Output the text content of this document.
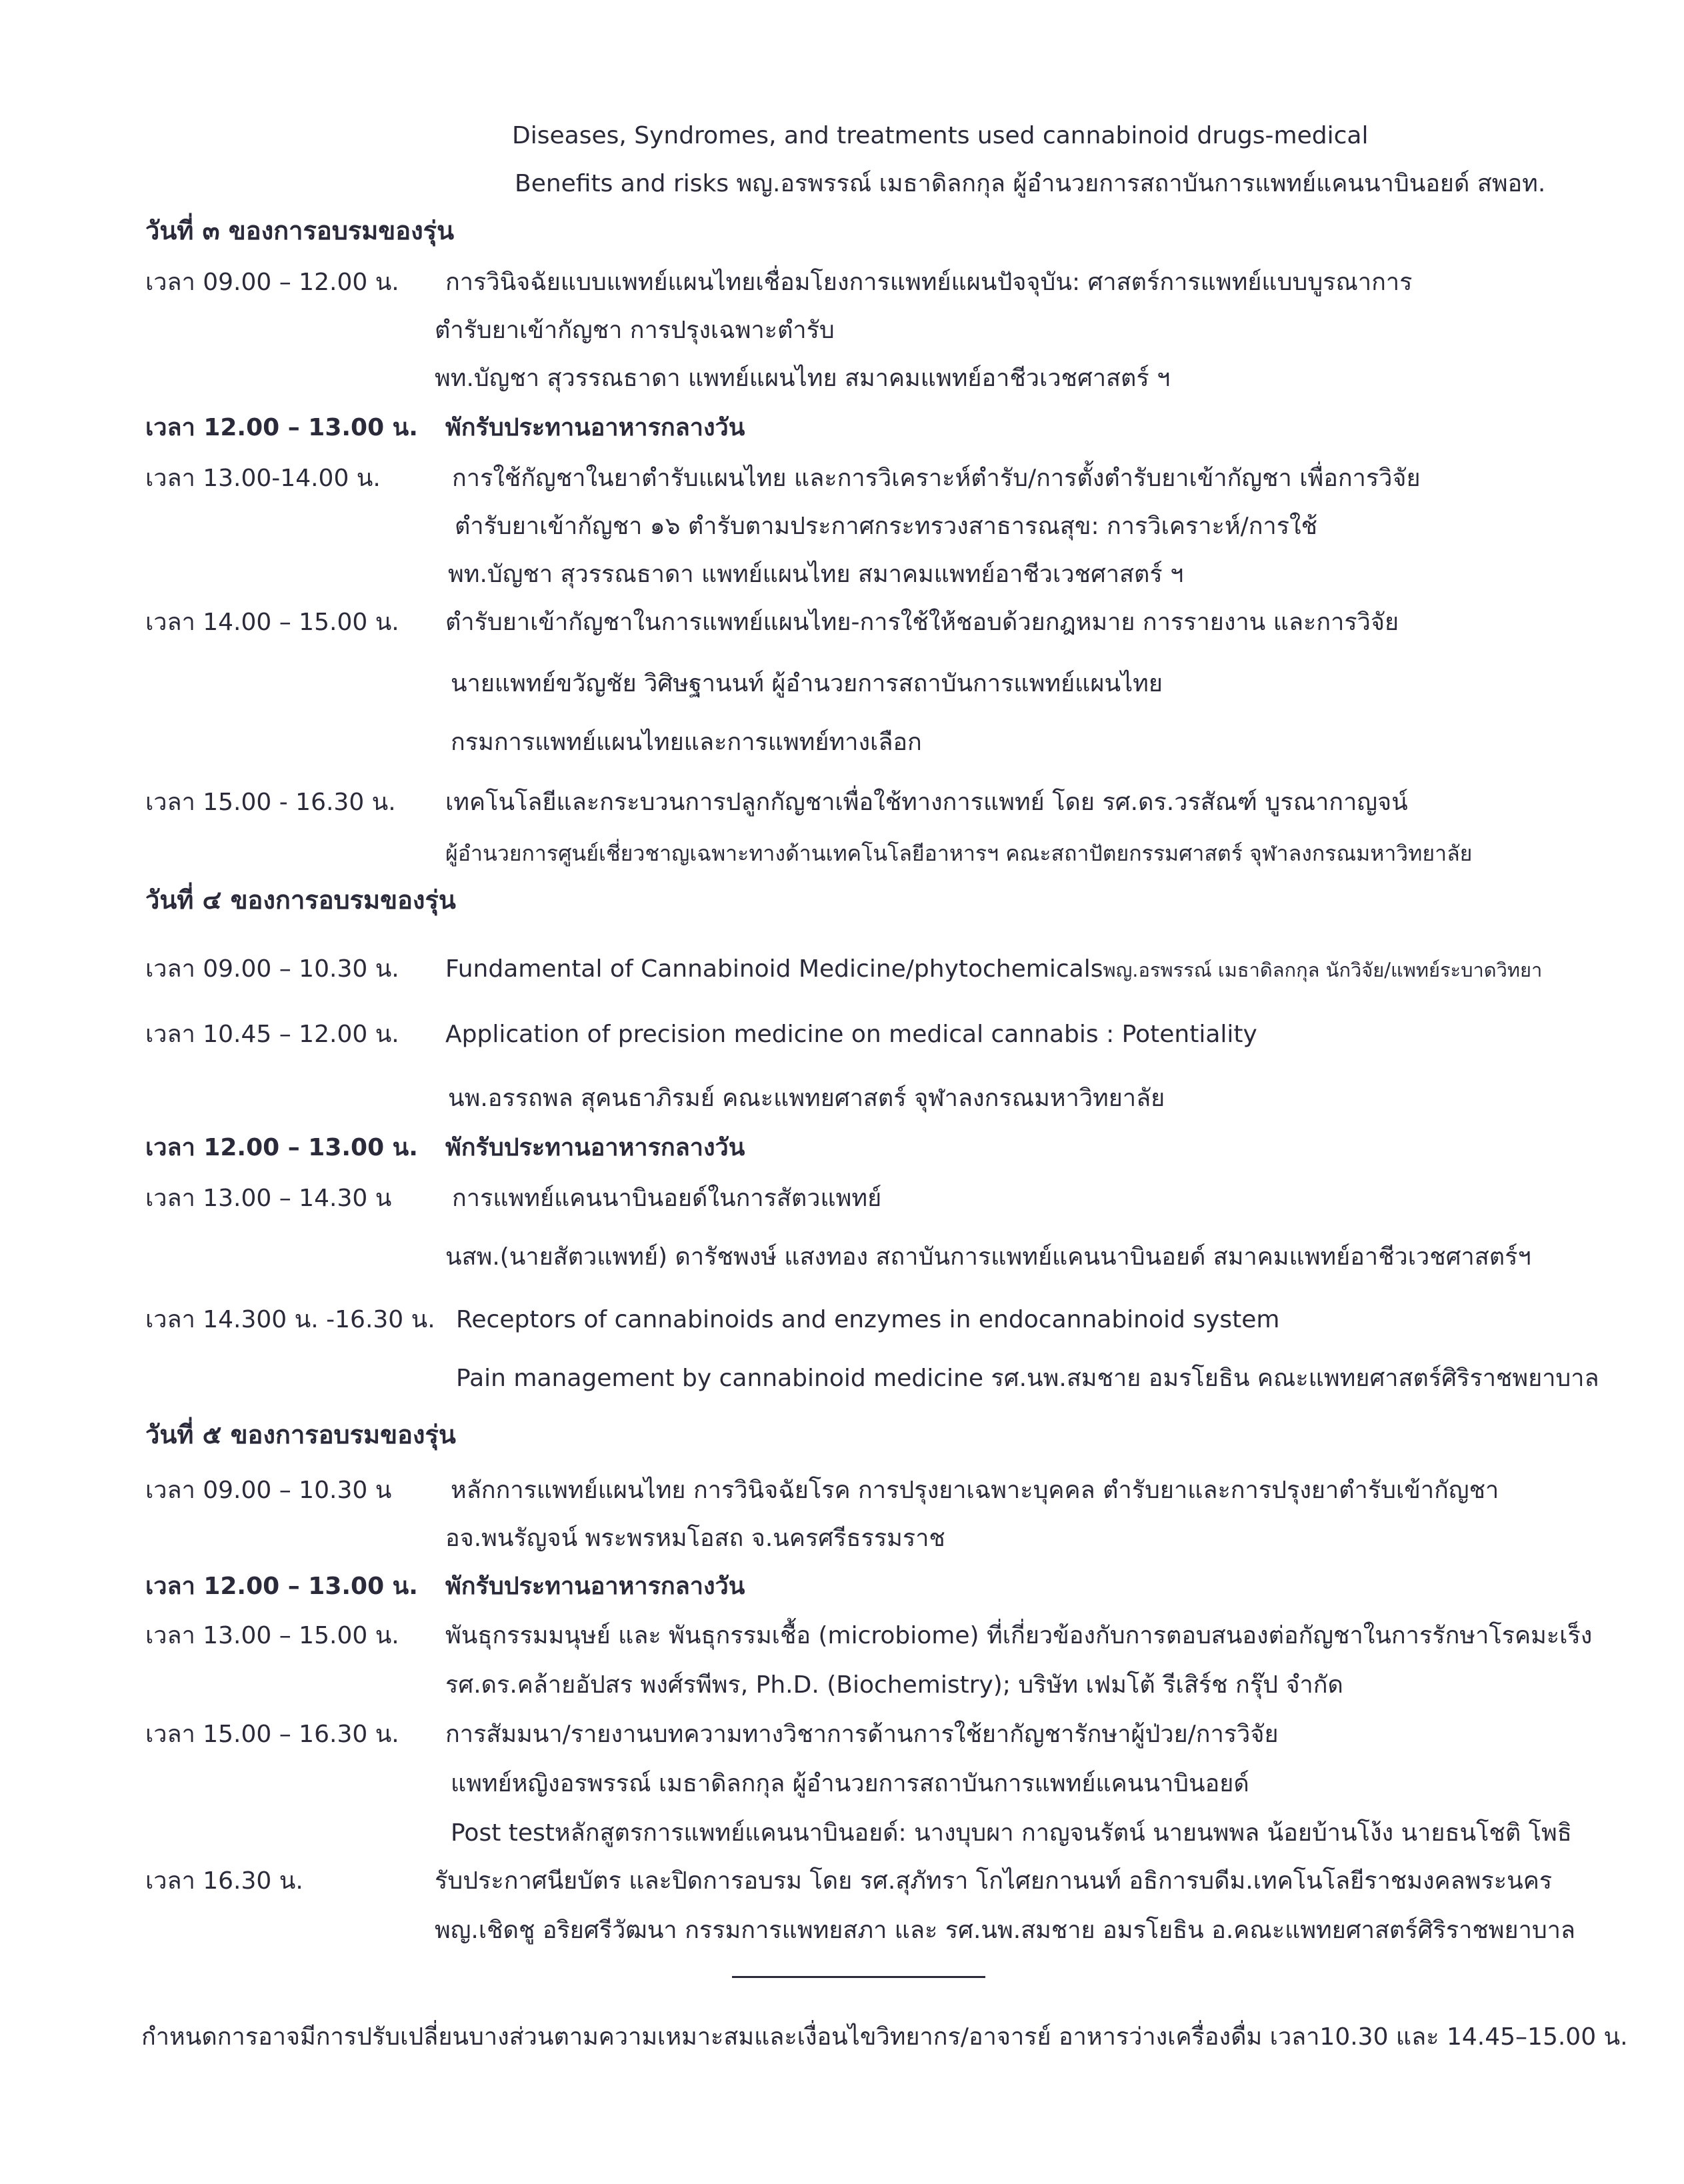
Diseases, Syndromes, and treatments used cannabinoid drugs-medical
Benefits and risks พญ.อรพรรณ์ เมธาดิลกกุล ผู้อำนวยการสถาบันการแพทย์แคนนาบินอยด์ สพอท.
วันที่ ๓ ของการอบรมของรุ่น
เวลา 09.00 – 12.00 น. การวินิจฉัยแบบแพทย์แผนไทยเชื่อมโยงการแพทย์แผนปัจจุบัน: ศาสตร์การแพทย์แบบบูรณาการ
ตำรับยาเข้ากัญชา การปรุงเฉพาะตำรับ
พท.บัญชา สุวรรณธาดา แพทย์แผนไทย สมาคมแพทย์อาชีวเวชศาสตร์ ฯ
เวลา 12.00 – 13.00 น. พักรับประทานอาหารกลางวัน
เวลา 13.00-14.00 น.	การใช้กัญชาในยาตำรับแผนไทย และการวิเคราะห์ตำรับ/การตั้งตำรับยาเข้ากัญชา เพื่อการวิจัย
ตำรับยาเข้ากัญชา ๑๖ ตำรับตามประกาศกระทรวงสาธารณสุข: การวิเคราะห์/การใช้
พท.บัญชา สุวรรณธาดา แพทย์แผนไทย สมาคมแพทย์อาชีวเวชศาสตร์ ฯ
เวลา 14.00 – 15.00 น. ตำรับยาเข้ากัญชาในการแพทย์แผนไทย-การใช้ให้ชอบด้วยกฎหมาย การรายงาน และการวิจัย
นายแพทย์ขวัญชัย วิศิษฐานนท์ ผู้อำนวยการสถาบันการแพทย์แผนไทย
กรมการแพทย์แผนไทยและการแพทย์ทางเลือก
เวลา 15.00 - 16.30 น. เทคโนโลยีและกระบวนการปลูกกัญชาเพื่อใช้ทางการแพทย์ โดย รศ.ดร.วรสัณฑ์ บูรณากาญจน์
ผู้อำนวยการศูนย์เชี่ยวชาญเฉพาะทางด้านเทคโนโลยีอาหารฯ คณะสถาปัตยกรรมศาสตร์ จุฬาลงกรณมหาวิทยาลัย
วันที่ ๔ ของการอบรมของรุ่น
เวลา 09.00 – 10.30 น. Fundamental of Cannabinoid Medicine/phytochemicalsพญ.อรพรรณ์ เมธาดิลกกุล นักวิจัย/แพทย์ระบาดวิทยา
เวลา 10.45 – 12.00 น. Application of precision medicine on medical cannabis : Potentiality
นพ.อรรถพล สุคนธาภิรมย์ คณะแพทยศาสตร์ จุฬาลงกรณมหาวิทยาลัย
เวลา 12.00 – 13.00 น. พักรับประทานอาหารกลางวัน
เวลา 13.00 – 14.30 น	การแพทย์แคนนาบินอยด์ในการสัตวแพทย์
นสพ.(นายสัตวแพทย์) ดารัชพงษ์ แสงทอง สถาบันการแพทย์แคนนาบินอยด์ สมาคมแพทย์อาชีวเวชศาสตร์ฯ
เวลา 14.300 น. -16.30 น. Receptors of cannabinoids and enzymes in endocannabinoid system
Pain management by cannabinoid medicine รศ.นพ.สมชาย อมรโยธิน คณะแพทยศาสตร์ศิริราชพยาบาล
วันที่ ๕ ของการอบรมของรุ่น
เวลา 09.00 – 10.30 น หลักการแพทย์แผนไทย การวินิจฉัยโรค การปรุงยาเฉพาะบุคคล ตำรับยาและการปรุงยาตำรับเข้ากัญชา
อจ.พนรัญจน์ พระพรหมโอสถ จ.นครศรีธรรมราช
เวลา 12.00 – 13.00 น. พักรับประทานอาหารกลางวัน
เวลา 13.00 – 15.00 น. พันธุกรรมมนุษย์ และ พันธุกรรมเชื้อ (microbiome) ที่เกี่ยวข้องกับการตอบสนองต่อกัญชาในการรักษาโรคมะเร็ง
รศ.ดร.คล้ายอัปสร พงศ์รพีพร, Ph.D. (Biochemistry); บริษัท เฟมโต้ รีเสิร์ช กรุ๊ป จำกัด
เวลา 15.00 – 16.30 น. การสัมมนา/รายงานบทความทางวิชาการด้านการใช้ยากัญชารักษาผู้ป่วย/การวิจัย
แพทย์หญิงอรพรรณ์ เมธาดิลกกุล ผู้อำนวยการสถาบันการแพทย์แคนนาบินอยด์
Post testหลักสูตรการแพทย์แคนนาบินอยด์: นางบุบผา กาญจนรัตน์ นายนพพล น้อยบ้านโง้ง นายธนโชติ โพธิ
เวลา 16.30 น.	รับประกาศนียบัตร และปิดการอบรม โดย รศ.สุภัทรา โกไศยกานนท์ อธิการบดีม.เทคโนโลยีราชมงคลพระนคร
พญ.เชิดชู อริยศรีวัฒนา กรรมการแพทยสภา และ รศ.นพ.สมชาย อมรโยธิน อ.คณะแพทยศาสตร์ศิริราชพยาบาล
กำหนดการอาจมีการปรับเปลี่ยนบางส่วนตามความเหมาะสมและเงื่อนไขวิทยากร/อาจารย์ อาหารว่างเครื่องดื่ม เวลา10.30 และ 14.45–15.00 น.
